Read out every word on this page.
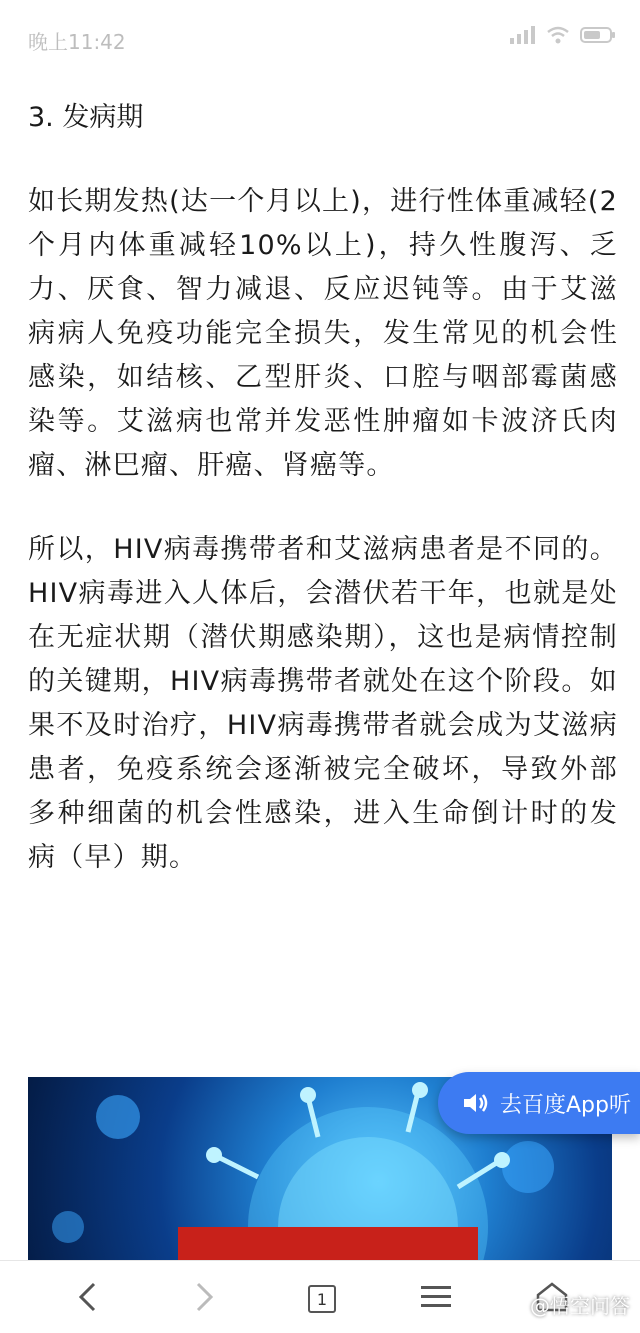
晚上11:42
3. 发病期

如长期发热(达一个月以上)，进行性体重减轻(2个月内体重减轻10%以上)，持久性腹泻、乏力、厌食、智力减退、反应迟钝等。由于艾滋病病人免疫功能完全损失，发生常见的机会性感染，如结核、乙型肝炎、口腔与咽部霉菌感染等。艾滋病也常并发恶性肿瘤如卡波济氏肉瘤、淋巴瘤、肝癌、肾癌等。

所以，HIV病毒携带者和艾滋病患者是不同的。HIV病毒进入人体后，会潜伏若干年，也就是处在无症状期（潜伏期感染期），这也是病情控制的关键期，HIV病毒携带者就处在这个阶段。如果不及时治疗，HIV病毒携带者就会成为艾滋病患者，免疫系统会逐渐被完全破坏，导致外部多种细菌的机会性感染，进入生命倒计时的发病（早）期。

去百度App听
1	@悟空问答
